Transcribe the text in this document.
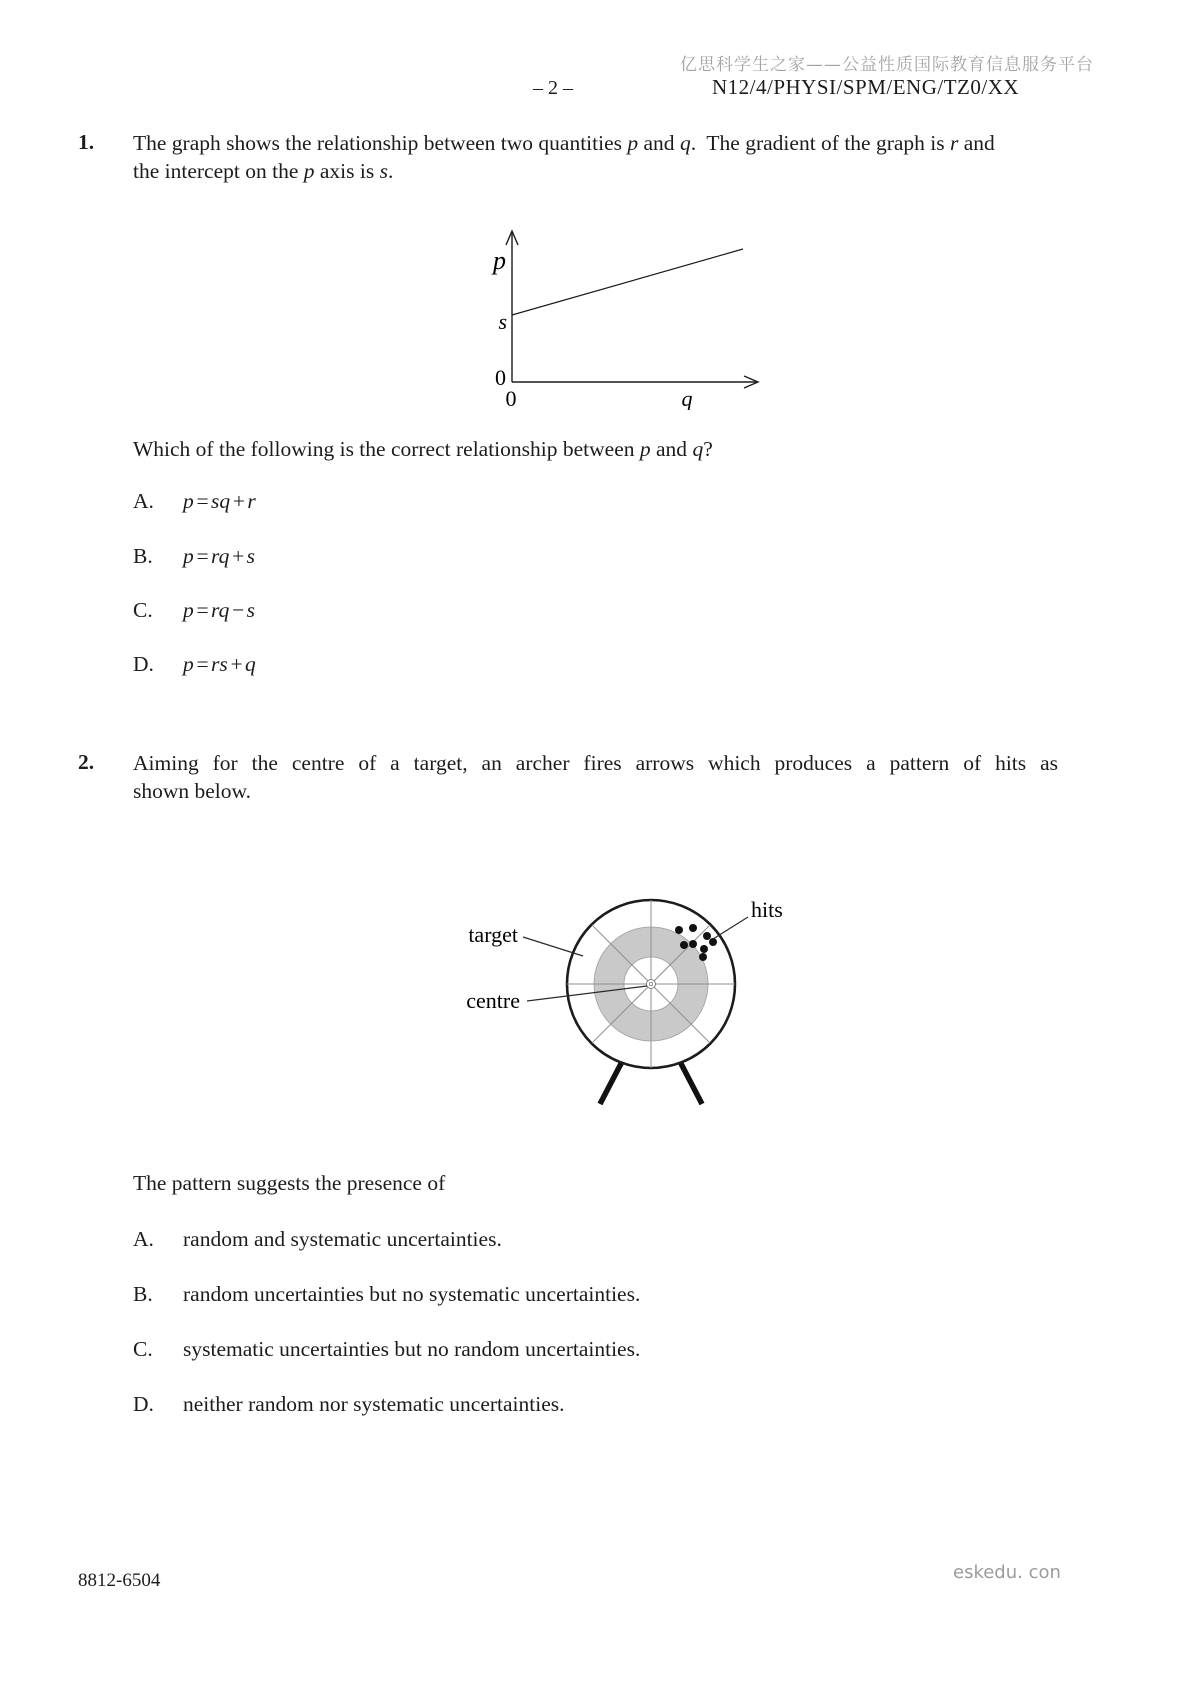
亿思科学生之家——公益性质国际教育信息服务平台
– 2 –	N12/4/PHYSI/SPM/ENG/TZ0/XX
1. The graph shows the relationship between two quantities p and q.  The gradient of the graph is r and
the intercept on the p axis is s.
p
s
0
0	q
Which of the following is the correct relationship between p and q?
A. p = sq + r
B. p = rq + s
C. p = rq − s
D. p = rs + q
2. Aiming for the centre of a target, an archer fires arrows which produces a pattern of hits as
shown below.
target
centre
hits
The pattern suggests the presence of
A. random and systematic uncertainties.
B. random uncertainties but no systematic uncertainties.
C. systematic uncertainties but no random uncertainties.
D. neither random nor systematic uncertainties.
8812-6504	eskedu. con
